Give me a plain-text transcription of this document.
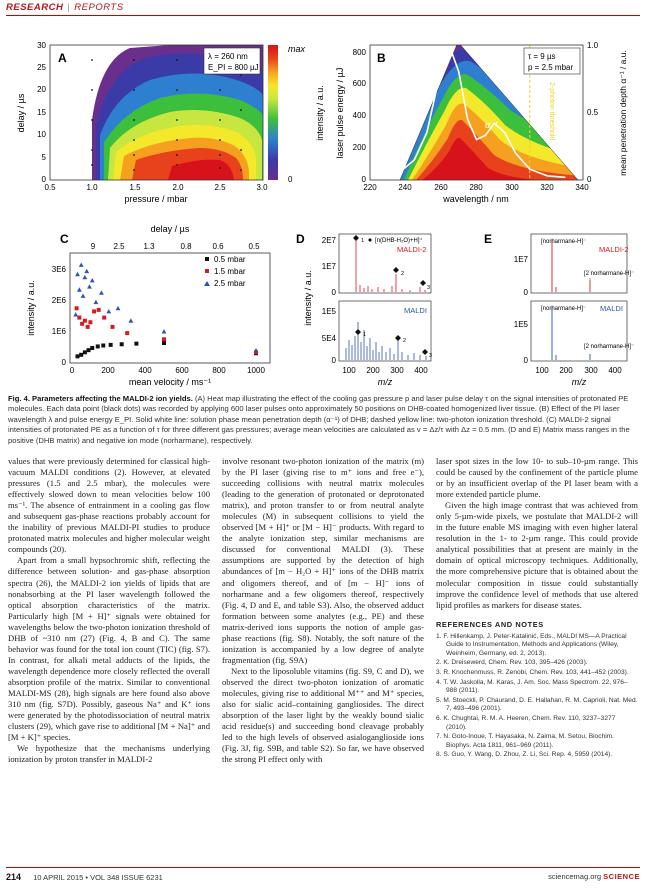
RESEARCH | REPORTS
A	λ = 260 nm
E_PI = 800 µJ
0
5
10
15
20
25
30
0.5	1.0	1.5	2.0	2.5	3.0
pressure / mbar
delay / µs
max
0
intensity / a.u.
B	τ = 9 µs
p = 2.5 mbar
α⁻¹	2-photon threshold
0
200
400
600
800
0
0.5
1.0
220	240	260	280	300	320	340
wavelength / nm
laser pulse energy / µJ	mean penetration depth α⁻¹ / a.u.
C
delay / µs
9 2.5 1.3	0.8	0.6	0.5
0
1E6
2E6
3E6
0	200	400	600	800	1000
mean velocity / ms⁻¹
intensity / a.u.
0.5 mbar
1.5 mbar
2.5 mbar
D	1
2
3
1
2
3
[n(DHB-H₂O)+H]⁺
MALDI-2
MALDI
0
1E7
2E7
0
5E4
1E5
100 200 300 400
m/z
intensity / a.u.
E	[norharmane-H]⁻
[2 norharmane-H]⁻
[norharmane-H]⁻
[2 norharmane-H]⁻
MALDI-2
MALDI
0
1E7
0
1E5
100 200 300 400
m/z
Fig. 4. Parameters affecting the MALDI-2 ion yields. (A) Heat map illustrating the effect of the cooling gas pressure p and laser pulse delay τ on the signal intensities of protonated PE molecules. Each data point (black dots) was recorded by applying 600 laser pulses onto approximately 50 positions on DHB-coated homogenized liver tissue. (B) Effect of the PI laser wavelength λ and pulse energy E_PI. Solid white line: solution phase mean penetration depth (α⁻¹) of DHB; dashed yellow line: two-photon ionization threshold. (C) MALDI-2 signal intensities of protonated PE as a function of τ for three different gas pressures; average mean velocities are calculated as v = Δz/τ with Δz = 0.5 mm. (D and E) Matrix mass ranges in the positive (DHB matrix) and negative ion mode (norharmane), respectively.

values that were previously determined for classical high-vacuum MALDI conditions (2). However, at elevated pressures (1.5 and 2.5 mbar), the molecules were effectively slowed down to mean velocities below 100 ms⁻¹. The absence of entrainment in a cooling gas flow and subsequent gas-phase reactions probably account for the inability of previous MALDI-PI studies to produce protonated matrix molecules and higher molecular weight compounds (20).

Apart from a small hypsochromic shift, reflecting the difference between solution- and gas-phase absorption spectra (26), the MALDI-2 ion yields of lipids that are nonabsorbing at the PI laser wavelength followed the optical absorption characteristics of the matrix. Particularly high [M + H]⁺ signals were obtained for wavelengths below the two-photon ionization threshold of DHB of ~310 nm (27) (Fig. 4, B and C). The same behavior was found for the total ion count (TIC) (fig. S7). In contrast, for alkali metal adducts of the lipids, the wavelength dependence more closely reflected the overall absorption profile of the matrix. Similar to conventional MALDI-MS (28), high signals are here found also above 310 nm (fig. S7D). Possibly, gaseous Na⁺ and K⁺ ions were generated by the photodissociation of neutral matrix clusters (29), which gave rise to additional [M + Na]⁺ and [M + K]⁺ species.

We hypothesize that the mechanisms underlying ionization by proton transfer in MALDI-2

involve resonant two-photon ionization of the matrix (m) by the PI laser (giving rise to m⁺ ions and free e⁻), succeeding collisions with neutral matrix molecules (leading to the generation of protonated or deprotonated matrix), and proton transfer to or from neutral analyte molecules (M) in subsequent collisions to yield the observed [M + H]⁺ or [M − H]⁻ products. With regard to the analyte ionization step, similar mechanisms are discussed for conventional MALDI (3). These assumptions are supported by the detection of high abundances of [m − H₂O + H]⁺ ions of the DHB matrix and oligomers thereof, and of [m − H]⁻ ions of norharmane and a few oligomers thereof, respectively (Fig. 4, D and E, and table S3). Also, the observed adduct formation between some analytes (e.g., PE) and these matrix-derived ions supports the notion of ample gas-phase reactions (fig. S8). Notably, the soft nature of the ionization is accompanied by a low degree of analyte fragmentation (fig. S9A)

Next to the liposoluble vitamins (fig. S9, C and D), we observed the direct two-photon ionization of aromatic molecules, giving rise to additional M⁺⁺ and M⁺ species, also for sialic acid–containing gangliosides. The direct absorption of the laser light by the weakly bound sialic acid residue(s) and succeeding bond cleavage probably led to the high levels of observed asialoganglioside ions (Fig. 3J, fig. S9B, and table S2). So far, we have observed the strong PI effect only with

laser spot sizes in the low 10- to sub–10-µm range. This could be caused by the confinement of the particle plume or by an insufficient overlap of the PI laser beam with a more extended particle plume.

Given the high image contrast that was achieved from only 5-µm-wide pixels, we postulate that MALDI-2 will in the future enable MS imaging with even higher lateral resolution in the 1- to 2-µm range. This could provide analytical possibilities that at present are mainly in the domain of optical microscopy techniques. Additionally, the more comprehensive picture that is obtained about the molecular composition in tissue could substantially improve the confidence level of methods that use altered lipid profiles as markers for disease states.

REFERENCES AND NOTES
1. F. Hillenkamp, J. Peter-Katalinić, Eds., MALDI MS—A Practical Guide to Instrumentation, Methods and Applications (Wiley, Weinheim, Germany, ed. 2, 2013).
2. K. Dreisewerd, Chem. Rev. 103, 395–426 (2003).
3. R. Knochenmuss, R. Zenobi, Chem. Rev. 103, 441–452 (2003).
4. T. W. Jaskolla, M. Karas, J. Am. Soc. Mass Spectrom. 22, 976–988 (2011).
5. M. Stoeckli, P. Chaurand, D. E. Hallahan, R. M. Caprioli, Nat. Med. 7, 493–496 (2001).
6. K. Chughtai, R. M. A. Heeren, Chem. Rev. 110, 3237–3277 (2010).
7. N. Goto-Inoue, T. Hayasaka, N. Zaima, M. Setou, Biochim. Biophys. Acta 1811, 961–969 (2011).
8. S. Guo, Y. Wang, D. Zhou, Z. Li, Sci. Rep. 4, 5959 (2014).
214 10 APRIL 2015 • VOL 348 ISSUE 6231	sciencemag.org SCIENCE
